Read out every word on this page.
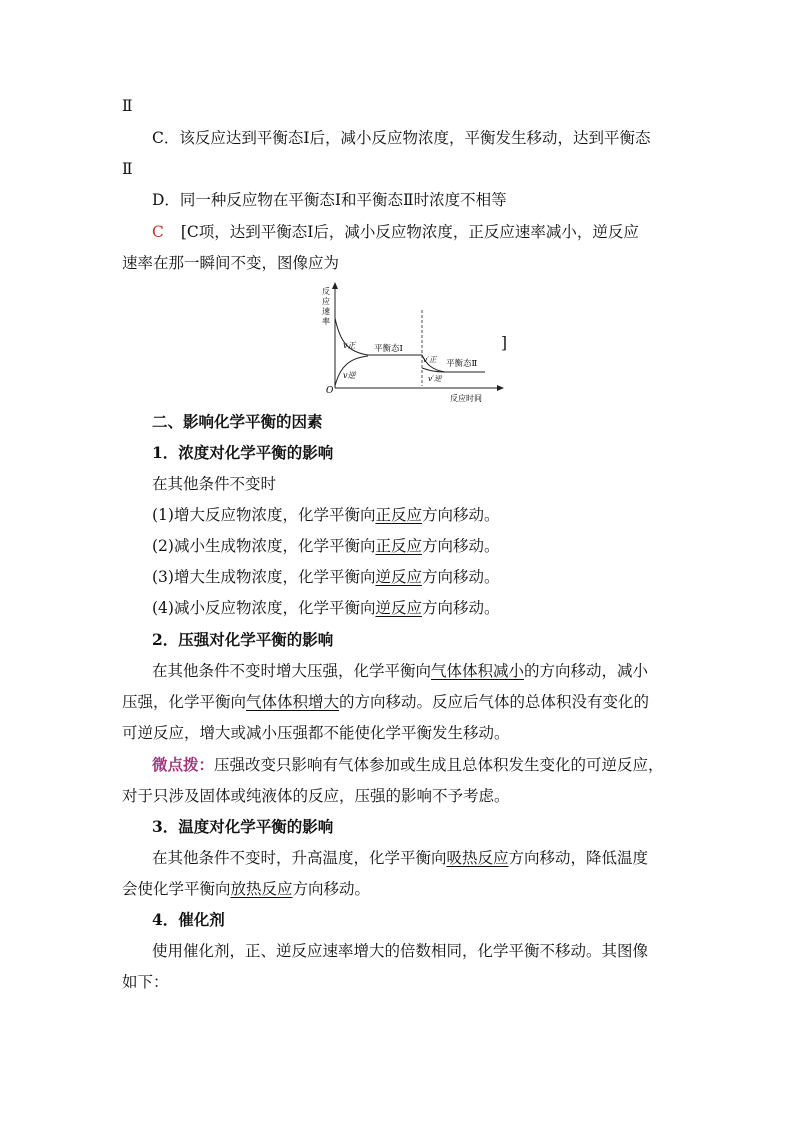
Ⅱ
C．该反应达到平衡态Ⅰ后，减小反应物浓度，平衡发生移动，达到平衡态
Ⅱ
D．同一种反应物在平衡态Ⅰ和平衡态Ⅱ时浓度不相等
C [C项，达到平衡态Ⅰ后，减小反应物浓度，正反应速率减小，逆反应
速率在那一瞬间不变，图像应为
反
应
速
率
O
反应时间
v正
v逆
平衡态Ⅰ
v′正
v′逆
平衡态Ⅱ
]
二、影响化学平衡的因素
1．浓度对化学平衡的影响
在其他条件不变时
(1)增大反应物浓度，化学平衡向正反应方向移动。
(2)减小生成物浓度，化学平衡向正反应方向移动。
(3)增大生成物浓度，化学平衡向逆反应方向移动。
(4)减小反应物浓度，化学平衡向逆反应方向移动。
2．压强对化学平衡的影响
在其他条件不变时增大压强，化学平衡向气体体积减小的方向移动，减小
压强，化学平衡向气体体积增大的方向移动。反应后气体的总体积没有变化的
可逆反应，增大或减小压强都不能使化学平衡发生移动。
微点拨：压强改变只影响有气体参加或生成且总体积发生变化的可逆反应，
对于只涉及固体或纯液体的反应，压强的影响不予考虑。
3．温度对化学平衡的影响
在其他条件不变时，升高温度，化学平衡向吸热反应方向移动，降低温度
会使化学平衡向放热反应方向移动。
4．催化剂
使用催化剂，正、逆反应速率增大的倍数相同，化学平衡不移动。其图像
如下：
